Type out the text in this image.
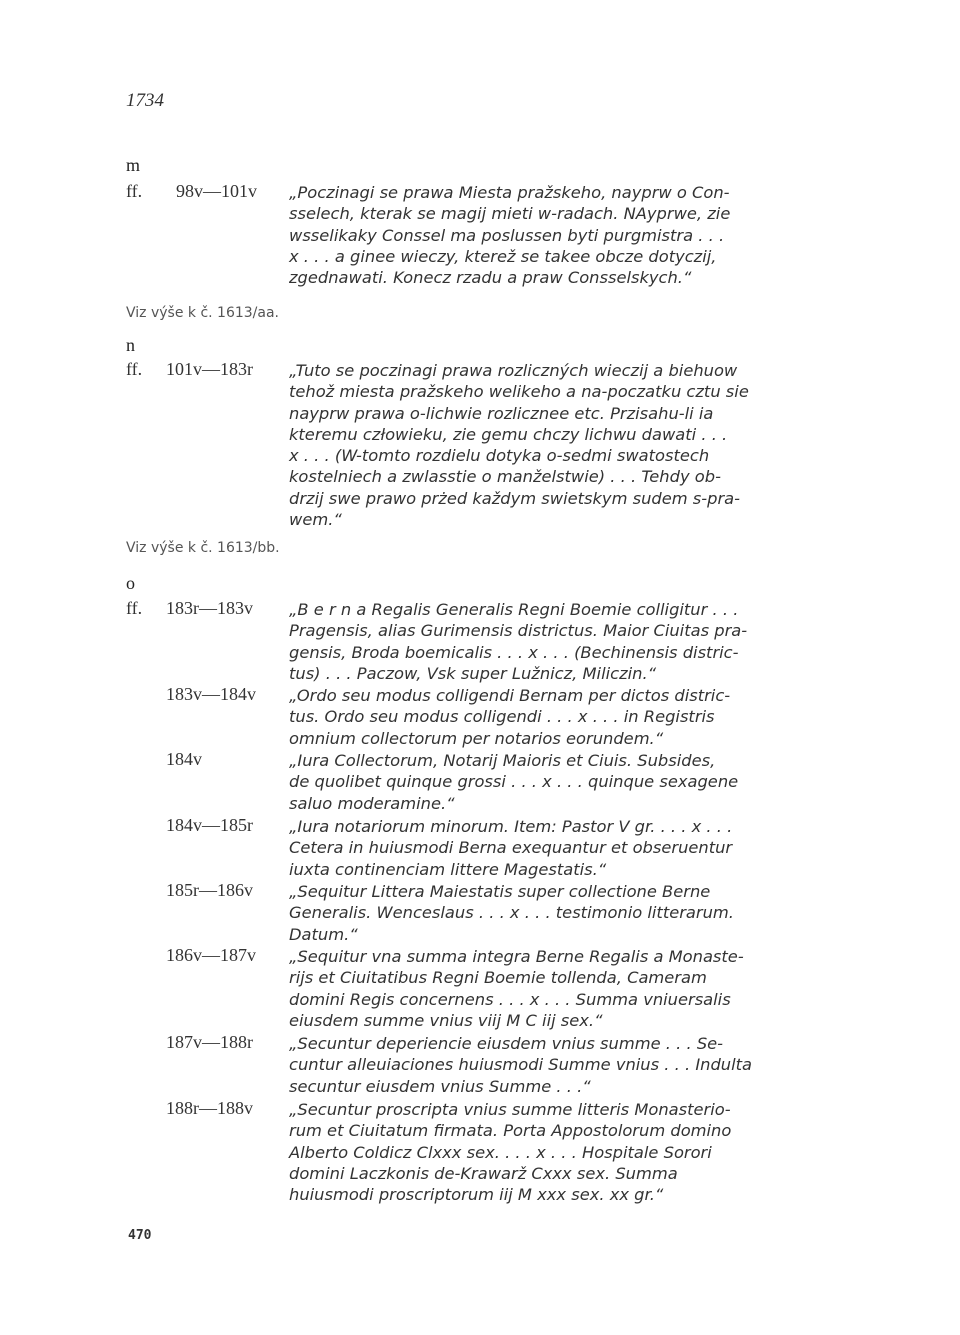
1734
m
ff. 98v—101v „Poczinagi se prawa Miesta pražskeho, nayprw o Con-
sselech, kterak se magij mieti w-radach. NAyprwe, zie
wsselikaky Conssel ma poslussen byti purgmistra . . .
x . . . a ginee wieczy, kterež se takee obcze dotyczij,
zgednawati. Konecz rzadu a praw Consselskych.“
Viz výše k č. 1613/aa.
n
ff. 101v—183r „Tuto se poczinagi prawa rozliczných wieczij a biehuow
tehož miesta pražskeho welikeho a na-poczatku cztu sie
nayprw prawa o-lichwie rozliczneе etc. Przisahu-li ia
kteremu człowieku, zie gemu chczy lichwu dawati . . .
x . . . (W-tomto rozdielu dotyka o-sedmi swatostech
kostelniech a zwlasstie o manželstwie) . . . Tehdy ob-
drzij swe prawo prżed každym swietskym sudem s-pra-
wem.“
Viz výše k č. 1613/bb.
o
ff. 183r—183v „B e r n a Regalis Generalis Regni Boemie colligitur . . .
Pragensis, alias Gurimensis districtus. Maior Ciuitas pra-
gensis, Broda boemicalis . . . x . . . (Bechinensis distric-
tus) . . . Paczow, Vsk super Lužnicz, Miliczin.“
183v—184v „Ordo seu modus colligendi Bernam per dictos distric-
tus. Ordo seu modus colligendi . . . x . . . in Registris
omnium collectorum per notarios eorundem.“
184v	„Iura Collectorum, Notarij Maioris et Ciuis. Subsides,
de quolibet quinque grossi . . . x . . . quinque sexagene
saluo moderamine.“
184v—185r „Iura notariorum minorum. Item: Pastor V gr. . . . x . . .
Cetera in huiusmodi Berna exequantur et obseruentur
iuxta continenciam littere Magestatis.“
185r—186v „Sequitur Littera Maiestatis super collectione Berne
Generalis. Wenceslaus . . . x . . . testimonio litterarum.
Datum.“
186v—187v „Sequitur vna summa integra Berne Regalis a Monaste-
rijs et Ciuitatibus Regni Boemie tollenda, Cameram
domini Regis concernens . . . x . . . Summa vniuersalis
eiusdem summe vnius viij M C iij sex.“
187v—188r „Secuntur deperiencie eiusdem vnius summe . . . Se-
cuntur alleuiaciones huiusmodi Summe vnius . . . Indulta
secuntur eiusdem vnius Summe . . .“
188r—188v „Secuntur proscripta vnius summe litteris Monasterio-
rum et Ciuitatum firmata. Porta Appostolorum domino
Alberto Coldicz Clxxx sex. . . . x . . . Hospitale Sorori
domini Laczkonis de-Krawarž Cxxx sex. Summa
huiusmodi proscriptorum iij M xxx sex. xx gr.“
470
